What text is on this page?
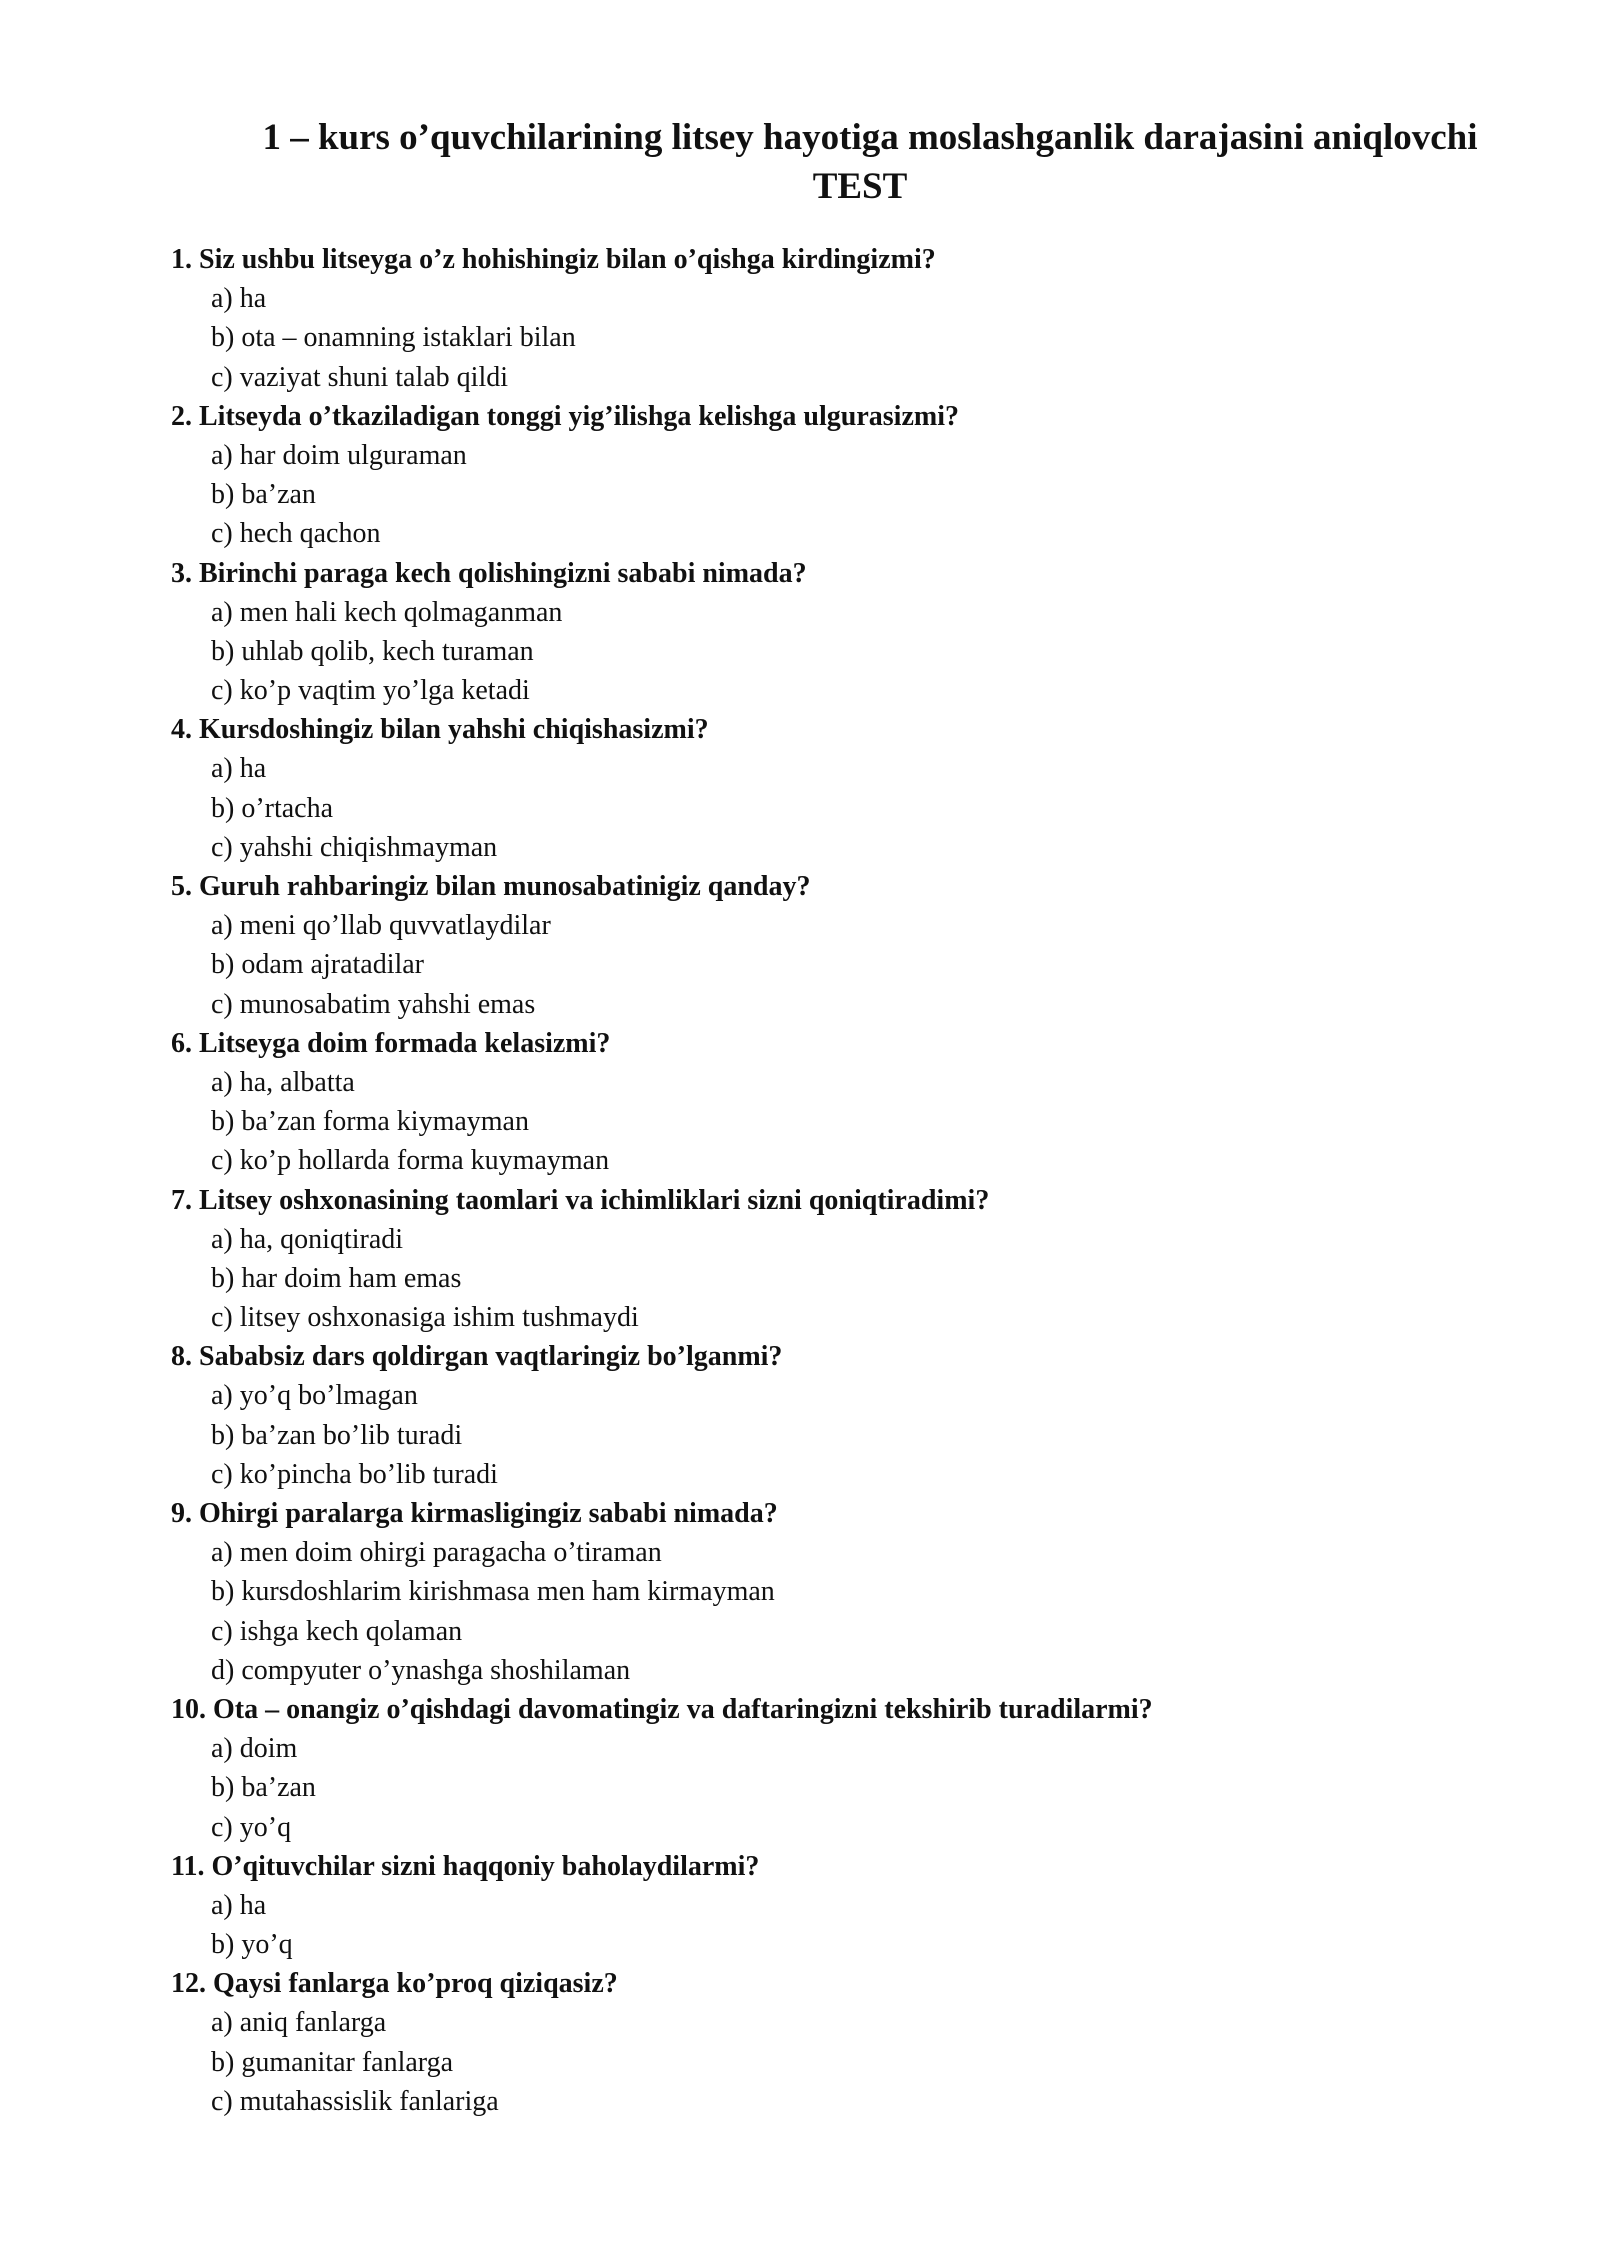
1 – kurs o’quvchilarining litsey hayotiga moslashganlik darajasini aniqlovchi
TEST
1. Siz ushbu litseyga o’z hohishingiz bilan o’qishga kirdingizmi?
a) ha
b) ota – onamning istaklari bilan
c) vaziyat shuni talab qildi
2. Litseyda o’tkaziladigan tonggi yig’ilishga kelishga ulgurasizmi?
a) har doim ulguraman
b) ba’zan
c) hech qachon
3. Birinchi paraga kech qolishingizni sababi nimada?
a) men hali kech qolmaganman
b) uhlab qolib, kech turaman
c) ko’p vaqtim yo’lga ketadi
4. Kursdoshingiz bilan yahshi chiqishasizmi?
a) ha
b) o’rtacha
c) yahshi chiqishmayman
5. Guruh rahbaringiz bilan munosabatinigiz qanday?
a) meni qo’llab quvvatlaydilar
b) odam ajratadilar
c) munosabatim yahshi emas
6. Litseyga doim formada kelasizmi?
a) ha, albatta
b) ba’zan forma kiymayman
c) ko’p hollarda forma kuymayman
7. Litsey oshxonasining taomlari va ichimliklari sizni qoniqtiradimi?
a) ha, qoniqtiradi
b) har doim ham emas
c) litsey oshxonasiga ishim tushmaydi
8. Sababsiz dars qoldirgan vaqtlaringiz bo’lganmi?
a) yo’q bo’lmagan
b) ba’zan bo’lib turadi
c) ko’pincha bo’lib turadi
9. Ohirgi paralarga kirmasligingiz sababi nimada?
a) men doim ohirgi paragacha o’tiraman
b) kursdoshlarim kirishmasa men ham kirmayman
c) ishga kech qolaman
d) compyuter o’ynashga shoshilaman
10. Ota – onangiz o’qishdagi davomatingiz va daftaringizni tekshirib turadilarmi?
a) doim
b) ba’zan
c) yo’q
11. O’qituvchilar sizni haqqoniy baholaydilarmi?
a) ha
b) yo’q
12. Qaysi fanlarga ko’proq qiziqasiz?
a) aniq fanlarga
b) gumanitar fanlarga
c) mutahassislik fanlariga
